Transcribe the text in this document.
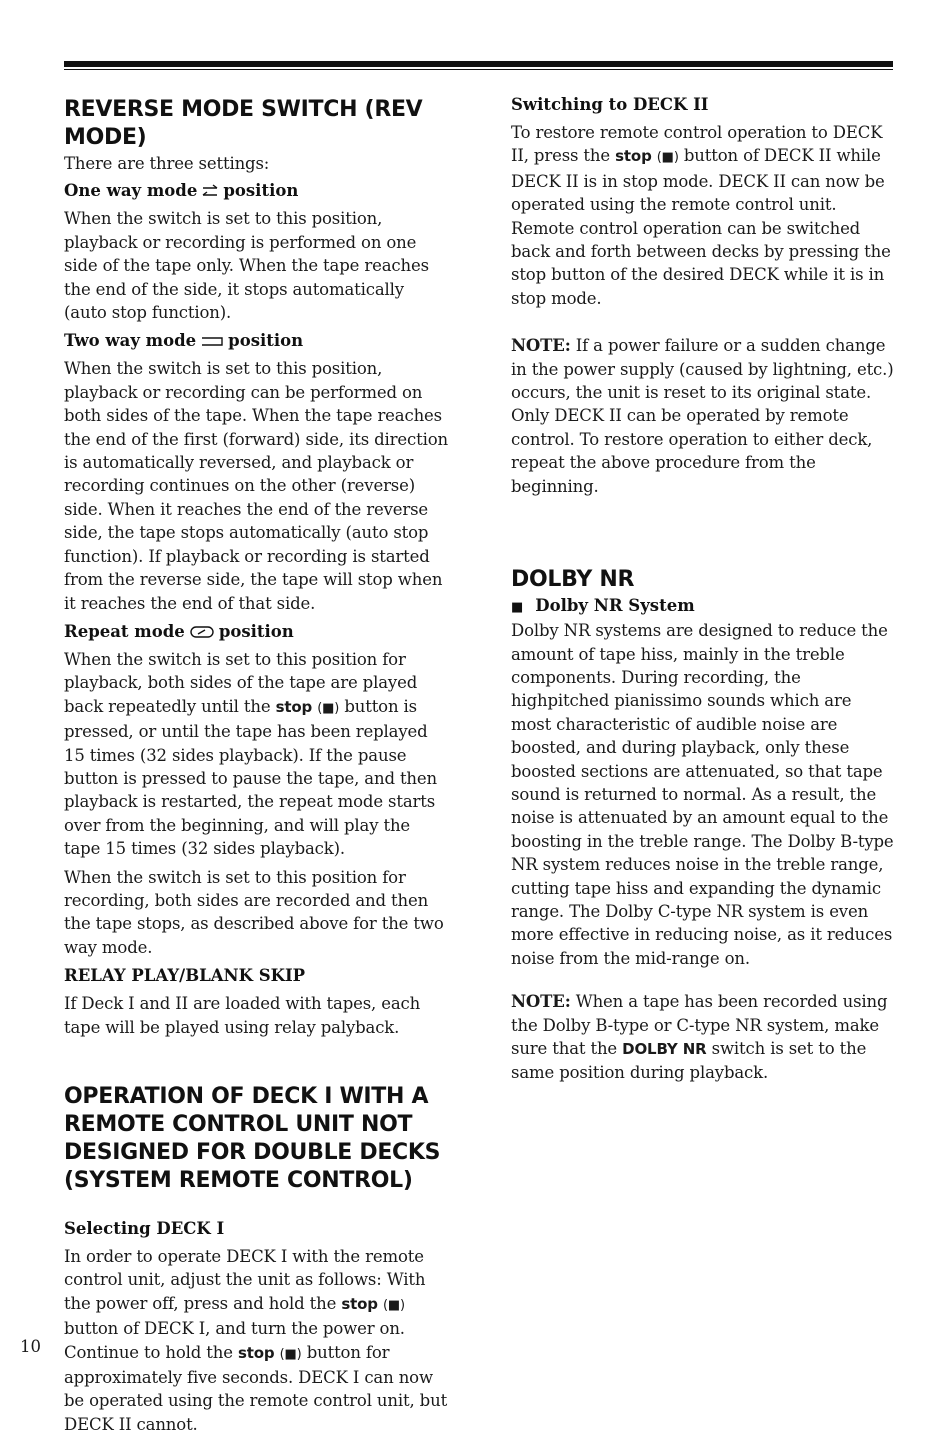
REVERSE MODE SWITCH (REV MODE)

There are three settings:

One way mode position

When the switch is set to this position, playback or recording is performed on one side of the tape only. When the tape reaches the end of the side, it stops automatically (auto stop function).

Two way mode position

When the switch is set to this position, playback or recording can be performed on both sides of the tape. When the tape reaches the end of the first (forward) side, its direction is automatically reversed, and playback or recording continues on the other (reverse) side. When it reaches the end of the reverse side, the tape stops automatically (auto stop function). If playback or recording is started from the reverse side, the tape will stop when it reaches the end of that side.

Repeat mode position

When the switch is set to this position for playback, both sides of the tape are played back repeatedly until the stop (■) button is pressed, or until the tape has been replayed 15 times (32 sides playback). If the pause button is pressed to pause the tape, and then playback is restarted, the repeat mode starts over from the beginning, and will play the tape 15 times (32 sides playback).

When the switch is set to this position for recording, both sides are recorded and then the tape stops, as described above for the two way mode.

RELAY PLAY/BLANK SKIP

If Deck I and II are loaded with tapes, each tape will be played using relay palyback.

OPERATION OF DECK I WITH A REMOTE CONTROL UNIT NOT DESIGNED FOR DOUBLE DECKS (SYSTEM REMOTE CONTROL)
Selecting DECK I

In order to operate DECK I with the remote control unit, adjust the unit as follows: With the power off, press and hold the stop (■) button of DECK I, and turn the power on. Continue to hold the stop (■) button for approximately five seconds. DECK I can now be operated using the remote control unit, but DECK II cannot.

Switching to DECK II

To restore remote control operation to DECK II, press the stop (■) button of DECK II while DECK II is in stop mode. DECK II can now be operated using the remote control unit. Remote control operation can be switched back and forth between decks by pressing the stop button of the desired DECK while it is in stop mode.

NOTE: If a power failure or a sudden change in the power supply (caused by lightning, etc.) occurs, the unit is reset to its original state. Only DECK II can be operated by remote control. To restore operation to either deck, repeat the above procedure from the beginning.

DOLBY NR
■ Dolby NR System

Dolby NR systems are designed to reduce the amount of tape hiss, mainly in the treble components. During recording, the highpitched pianissimo sounds which are most characteristic of audible noise are boosted, and during playback, only these boosted sections are attenuated, so that tape sound is returned to normal. As a result, the noise is attenuated by an amount equal to the boosting in the treble range. The Dolby B-type NR system reduces noise in the treble range, cutting tape hiss and expanding the dynamic range. The Dolby C-type NR system is even more effective in reducing noise, as it reduces noise from the mid-range on.

NOTE: When a tape has been recorded using the Dolby B-type or C-type NR system, make sure that the DOLBY NR switch is set to the same position during playback.

10
